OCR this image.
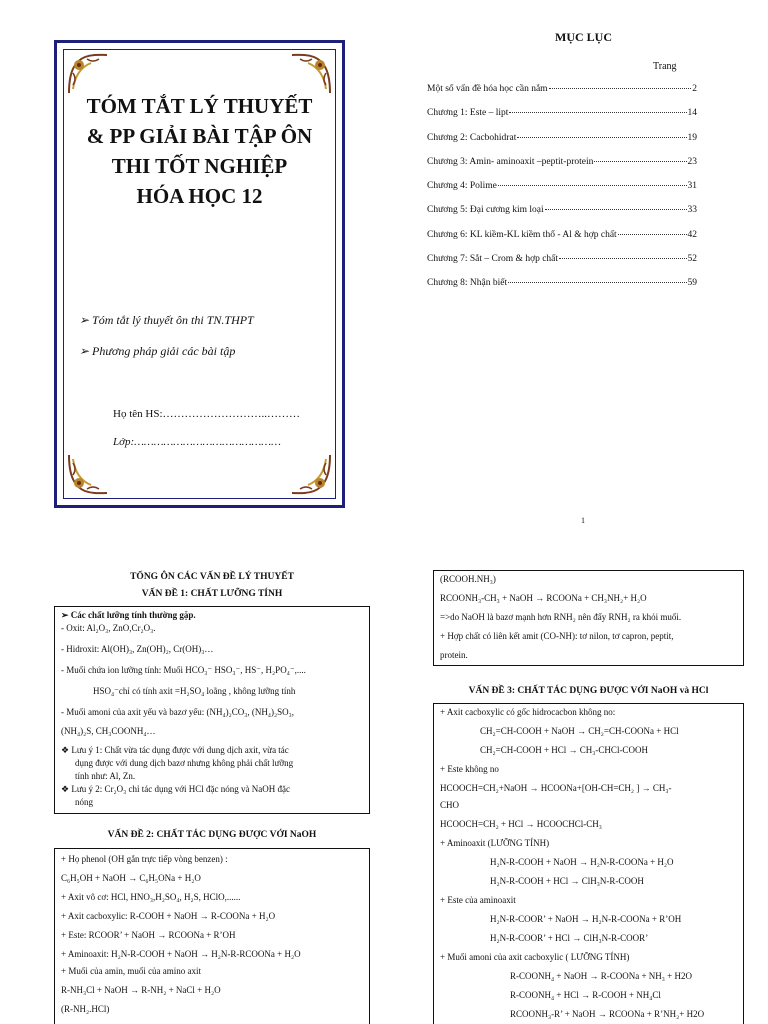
TÓM TẮT LÝ THUYẾT
& PP GIẢI BÀI TẬP ÔN
THI TỐT NGHIỆP
HÓA HỌC 12
➢ Tóm tắt lý thuyết ôn thi TN.THPT
➢ Phương pháp giải các bài tập
Họ tên HS:………………………..………
Lớp:………………………………………
MỤC LỤC
Trang
Một số vấn đề hóa học cần nắm	2
Chương 1: Este – lipt	14
Chương 2: Cacbohidrat	19
Chương 3: Amin- aminoaxit –peptit-protein	23
Chương 4: Polime	31
Chương 5: Đại cương kim loại	33
Chương 6: KL kiềm-KL kiềm thổ - Al & hợp chất	42
Chương 7: Sắt – Crom & hợp chất	52
Chương 8: Nhận biết	59
1
TỔNG ÔN CÁC VẤN ĐỀ LÝ THUYẾT
VẤN ĐỀ 1: CHẤT LƯỠNG TÍNH
➢ Các chất lưỡng tính thường gặp.
- Oxit: Al₂O₃, ZnO,Cr₂O₃.
- Hidroxit: Al(OH)₃, Zn(OH)₂, Cr(OH)₃…
- Muối chứa ion lưỡng tính: Muối HCO₃⁻ HSO₃⁻, HS⁻, H₂PO₄⁻,....
HSO₄⁻chỉ có tính axit =H₂SO₄ loãng , không lưỡng tính
- Muối amoni của axit yếu và bazơ yếu: (NH₄)₂CO₃, (NH₄)₂SO₃,
(NH₄)₂S, CH₃COONH₄…
❖ Lưu ý 1: Chất vừa tác dụng được với dung dịch axit, vừa tác
dụng được với dung dịch bazơ nhưng không phải chất lưỡng
tính như: Al, Zn.
❖ Lưu ý 2: Cr₂O₃ chỉ tác dụng với HCl đặc nóng và NaOH đặc
nóng
VẤN ĐỀ 2: CHẤT TÁC DỤNG ĐƯỢC VỚI NaOH
+ Họ phenol (OH gắn trực tiếp vòng benzen) :
C₆H₅OH + NaOH → C₆H₅ONa + H₂O
+ Axit vô cơ: HCl, HNO₃,H₂SO₄, H₂S, HClO,......
+ Axit cacboxylic: R-COOH + NaOH → R-COONa + H₂O
+ Este: RCOOR’ + NaOH → RCOONa + R’OH
+ Aminoaxit: H₂N-R-COOH + NaOH → H₂N-R-RCOONa + H₂O
+ Muối của amin, muối của amino axit
R-NH₃Cl + NaOH → R-NH₂ + NaCl + H₂O
(R-NH₂.HCl)
(RCOOH.NH₃)
RCOONH₃-CH₃ + NaOH → RCOONa + CH₃NH₂+ H₂O
=>do NaOH là bazơ mạnh hơn RNH₂ nên đẩy RNH₂ ra khỏi muối.
+ Hợp chất có liên kết amit (CO-NH): tơ nilon, tơ capron, peptit,
protein.
VẤN ĐỀ 3: CHẤT TÁC DỤNG ĐƯỢC VỚI NaOH và HCl
+ Axit cacboxylic có gốc hidrocacbon không no:
CH₂=CH-COOH + NaOH → CH₂=CH-COONa + HCl
CH₂=CH-COOH + HCl → CH₃-CHCl-COOH
+ Este không no
HCOOCH=CH₂+NaOH → HCOONa+[OH-CH=CH₂ ] → CH₃-
CHO
HCOOCH=CH₂ + HCl → HCOOCHCl-CH₃
+ Aminoaxit (LƯỠNG TÍNH)
H₂N-R-COOH + NaOH → H₂N-R-COONa + H₂O
H₂N-R-COOH + HCl → ClH₃N-R-COOH
+ Este của aminoaxit
H₂N-R-COOR’ + NaOH → H₂N-R-COONa + R’OH
H₂N-R-COOR’ + HCl → ClH₃N-R-COOR’
+ Muối amoni của axit cacboxylic ( LƯỠNG TÍNH)
R-COONH₄ + NaOH → R-COONa + NH₃ + H2O
R-COONH₄ + HCl → R-COOH + NH₄Cl
RCOONH₃-R’ + NaOH → RCOONa + R’NH₂+ H2O
